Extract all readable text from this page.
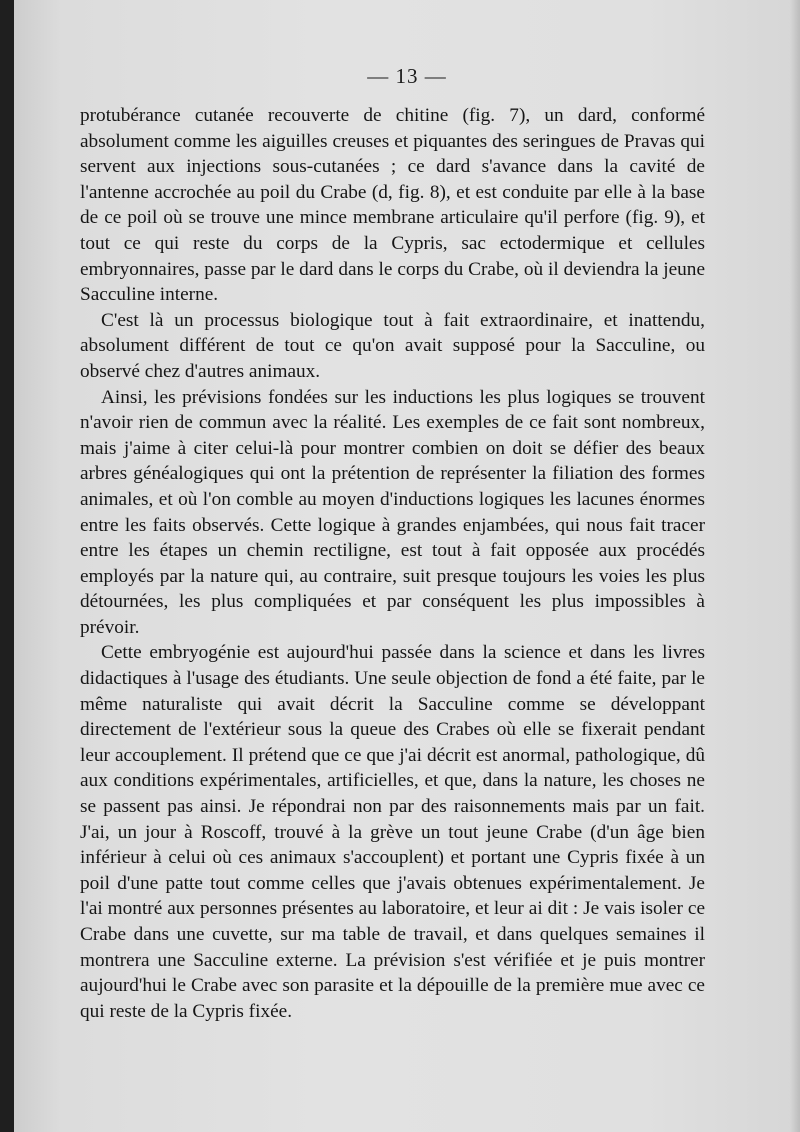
— 13 —

protubérance cutanée recouverte de chitine (fig. 7), un dard, conformé absolument comme les aiguilles creuses et piquantes des seringues de Pravas qui servent aux injections sous-cutanées ; ce dard s'avance dans la cavité de l'antenne accrochée au poil du Crabe (d, fig. 8), et est conduite par elle à la base de ce poil où se trouve une mince membrane articulaire qu'il perfore (fig. 9), et tout ce qui reste du corps de la Cypris, sac ectodermique et cellules embryonnaires, passe par le dard dans le corps du Crabe, où il deviendra la jeune Sacculine interne.

C'est là un processus biologique tout à fait extraordinaire, et inattendu, absolument différent de tout ce qu'on avait supposé pour la Sacculine, ou observé chez d'autres animaux.

Ainsi, les prévisions fondées sur les inductions les plus logiques se trouvent n'avoir rien de commun avec la réalité. Les exemples de ce fait sont nombreux, mais j'aime à citer celui-là pour montrer combien on doit se défier des beaux arbres généalogiques qui ont la prétention de représenter la filiation des formes animales, et où l'on comble au moyen d'inductions logiques les lacunes énormes entre les faits observés. Cette logique à grandes enjambées, qui nous fait tracer entre les étapes un chemin rectiligne, est tout à fait opposée aux procédés employés par la nature qui, au contraire, suit presque toujours les voies les plus détournées, les plus compliquées et par conséquent les plus impossibles à prévoir.

Cette embryogénie est aujourd'hui passée dans la science et dans les livres didactiques à l'usage des étudiants. Une seule objection de fond a été faite, par le même naturaliste qui avait décrit la Sacculine comme se développant directement de l'extérieur sous la queue des Crabes où elle se fixerait pendant leur accouplement. Il prétend que ce que j'ai décrit est anormal, pathologique, dû aux conditions expérimentales, artificielles, et que, dans la nature, les choses ne se passent pas ainsi. Je répondrai non par des raisonnements mais par un fait. J'ai, un jour à Roscoff, trouvé à la grève un tout jeune Crabe (d'un âge bien inférieur à celui où ces animaux s'accouplent) et portant une Cypris fixée à un poil d'une patte tout comme celles que j'avais obtenues expérimentalement. Je l'ai montré aux personnes présentes au laboratoire, et leur ai dit : Je vais isoler ce Crabe dans une cuvette, sur ma table de travail, et dans quelques semaines il montrera une Sacculine externe. La prévision s'est vérifiée et je puis montrer aujourd'hui le Crabe avec son parasite et la dépouille de la première mue avec ce qui reste de la Cypris fixée.
